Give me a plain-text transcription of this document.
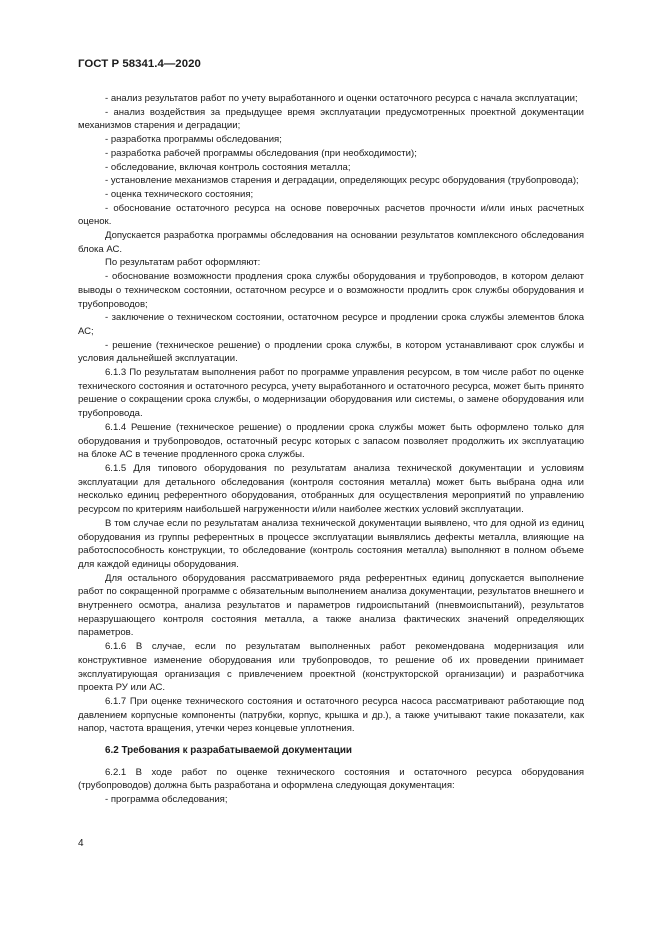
ГОСТ Р 58341.4—2020

- анализ результатов работ по учету выработанного и оценки остаточного ресурса с начала эксплуатации;

- анализ воздействия за предыдущее время эксплуатации предусмотренных проектной документации механизмов старения и деградации;

- разработка программы обследования;

- разработка рабочей программы обследования (при необходимости);

- обследование, включая контроль состояния металла;

- установление механизмов старения и деградации, определяющих ресурс оборудования (трубопровода);

- оценка технического состояния;

- обоснование остаточного ресурса на основе поверочных расчетов прочности и/или иных расчетных оценок.

Допускается разработка программы обследования на основании результатов комплексного обследования блока АС.

По результатам работ оформляют:

- обоснование возможности продления срока службы оборудования и трубопроводов, в котором делают выводы о техническом состоянии, остаточном ресурсе и о возможности продлить срок службы оборудования и трубопроводов;

- заключение о техническом состоянии, остаточном ресурсе и продлении срока службы элементов блока АС;

- решение (техническое решение) о продлении срока службы, в котором устанавливают срок службы и условия дальнейшей эксплуатации.

6.1.3 По результатам выполнения работ по программе управления ресурсом, в том числе работ по оценке технического состояния и остаточного ресурса, учету выработанного и остаточного ресурса, может быть принято решение о сокращении срока службы, о модернизации оборудования или системы, о замене оборудования или трубопровода.

6.1.4 Решение (техническое решение) о продлении срока службы может быть оформлено только для оборудования и трубопроводов, остаточный ресурс которых с запасом позволяет продолжить их эксплуатацию на блоке АС в течение продленного срока службы.

6.1.5 Для типового оборудования по результатам анализа технической документации и условиям эксплуатации для детального обследования (контроля состояния металла) может быть выбрана одна или несколько единиц референтного оборудования, отобранных для осуществления мероприятий по управлению ресурсом по критериям наибольшей нагруженности и/или наиболее жестких условий эксплуатации.

В том случае если по результатам анализа технической документации выявлено, что для одной из единиц оборудования из группы референтных в процессе эксплуатации выявлялись дефекты металла, влияющие на работоспособность конструкции, то обследование (контроль состояния металла) выполняют в полном объеме для каждой единицы оборудования.

Для остального оборудования рассматриваемого ряда референтных единиц допускается выполнение работ по сокращенной программе с обязательным выполнением анализа документации, результатов внешнего и внутреннего осмотра, анализа результатов и параметров гидроиспытаний (пневмоиспытаний), результатов неразрушающего контроля состояния металла, а также анализа фактических значений определяющих параметров.

6.1.6 В случае, если по результатам выполненных работ рекомендована модернизация или конструктивное изменение оборудования или трубопроводов, то решение об их проведении принимает эксплуатирующая организация с привлечением проектной (конструкторской организации) и разработчика проекта РУ или АС.

6.1.7 При оценке технического состояния и остаточного ресурса насоса рассматривают работающие под давлением корпусные компоненты (патрубки, корпус, крышка и др.), а также учитывают такие показатели, как напор, частота вращения, утечки через концевые уплотнения.

6.2 Требования к разрабатываемой документации

6.2.1 В ходе работ по оценке технического состояния и остаточного ресурса оборудования (трубопроводов) должна быть разработана и оформлена следующая документация:

- программа обследования;

4
